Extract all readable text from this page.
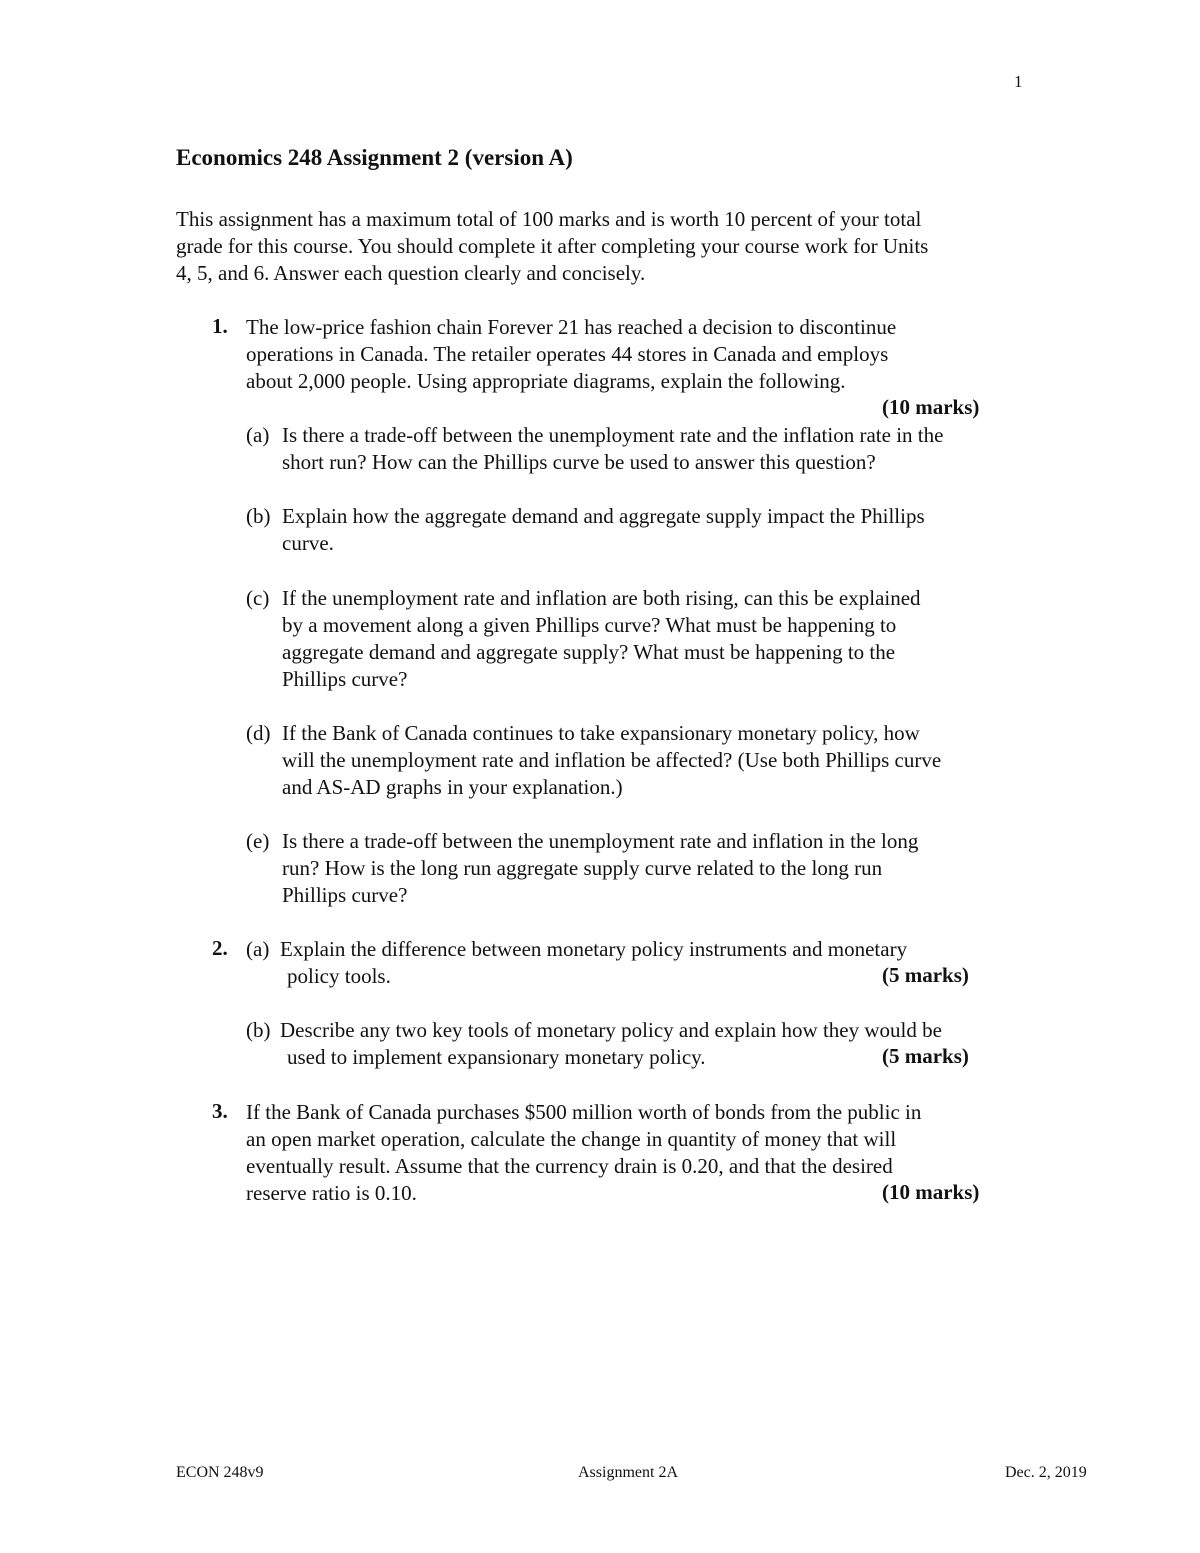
1
Economics 248 Assignment 2 (version A)
This assignment has a maximum total of 100 marks and is worth 10 percent of your total
grade for this course. You should complete it after completing your course work for Units
4, 5, and 6. Answer each question clearly and concisely.
1. The low-price fashion chain Forever 21 has reached a decision to discontinue
operations in Canada. The retailer operates 44 stores in Canada and employs
about 2,000 people. Using appropriate diagrams, explain the following.
(10 marks)
(a) Is there a trade-off between the unemployment rate and the inflation rate in the
short run? How can the Phillips curve be used to answer this question?
(b) Explain how the aggregate demand and aggregate supply impact the Phillips
curve.
(c) If the unemployment rate and inflation are both rising, can this be explained
by a movement along a given Phillips curve? What must be happening to
aggregate demand and aggregate supply? What must be happening to the
Phillips curve?
(d) If the Bank of Canada continues to take expansionary monetary policy, how
will the unemployment rate and inflation be affected? (Use both Phillips curve
and AS-AD graphs in your explanation.)
(e) Is there a trade-off between the unemployment rate and inflation in the long
run? How is the long run aggregate supply curve related to the long run
Phillips curve?
2. (a) Explain the difference between monetary policy instruments and monetary
policy tools.	(5 marks)
(b) Describe any two key tools of monetary policy and explain how they would be
used to implement expansionary monetary policy.	(5 marks)
3. If the Bank of Canada purchases $500 million worth of bonds from the public in
an open market operation, calculate the change in quantity of money that will
eventually result. Assume that the currency drain is 0.20, and that the desired
reserve ratio is 0.10.	(10 marks)
ECON 248v9	Assignment 2A	Dec. 2, 2019
